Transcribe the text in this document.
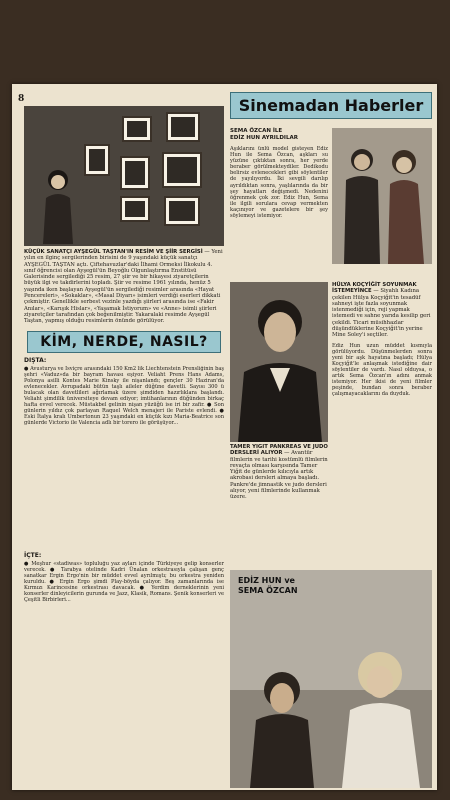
8
KÜÇÜK SANATÇI AYŞEGÜL TAŞTAN'IN RESİM VE ŞİİR SERGİSİ — Yeni yılın en ilginç sergilerinden birisini de 9 yaşındaki küçük sanatçı AYŞEGÜL TAŞTAN açtı. Çiftehavuzlar'daki İlhami Ormeksi İlkokulu 4. sınıf öğrencisi olan Ayşegül'ün Beyoğlu Olgunlaştırma Enstitüsü Galerisinde sergilediği 25 resim, 27 şiir ve bir hikayesi ziyaretçilerin büyük ilgi ve takdirlerini topladı. Şiir ve resime 1961 yılında, henüz 5 yaşında iken başlayan Ayşegül'ün sergilediği resimler arasında «Hayat Pencereleri», «Sokaklar», «Masal Diyarı» isimleri verdiği eserleri dikkati çekmiştir. Genellikle serbest vezinle yazdığı şiirleri arasında ise «Fakir Anılar», «Karışık Hislar», «Yaşamak İstiyorum» ve «Anne» isimli şiirleri ziyaretçiler tarafından çok beğenilmiştir. Yakaralaki resimde Ayşegül Taştan, yapmış olduğu resimlerin önünde görülüyor.
KİM, NERDE, NASIL?
DIŞTA:
● Avusturya ve İsviçre arasındaki 150 Km2 lik Liechtenstein Prensliğinin baş şehri «Vaduz»da bir bayram havası eşiyor. Veliaht Prens Hans Adams, Polonya asilli Kontes Marie Kinsky ile nişanlandı; gençler 30 Haziran'da evlenecekler. Avrupadaki bütün taşlı aileler düğüne davetli. Sayısı 300 ü bulacak olan davetlileri ağırlamak üzere şimdiden hazırlıklara başlandı. Veliaht şimdilik üniversiteye devam ediyor; imtihanlarının düğünden birkaç hafta evvel verecek. Müstakbel gelinin nişan yüzüğü ise iri bir zafir. ● Son günlerin yıldız çok parlayan Raquel Welch menajeri ile Pariste evlendi. ● Eski İtalya kralı Umbertonun 23 yaşındaki en küçük kızı Maria-Beatrice son günlerde Victorio ile Valencia adlı bir torero ile görüşüyor...
İÇTE:
● Meşhur «stadiwas» topluluğu yaz ayları içinde Türkiyeye gelip konserler verecek. ● Tarabya otelinde Kadri Ünalan orkestrasıyla çalışan genç sanatkar Ergin Ergo'nin bir müddet evvel ayrılmıştı; bu orkestra yeniden kuruldu. ● Ergin Ergo şimdi Play-böyda çalıyor. Beş zamanlarında ise Kırmızı Karincesine orkestrası davacak. ● Yerdim derneklerinin yeni konserler dinleyicilerin gurunda ve Jazz, Klasik, Romans. Şenik konserleri ve Çeşitli Birbirleri...
Sinemadan Haberler
SEMA ÖZCAN İLE
EDİZ HUN AYRILDILAR
Aşıklarını ünlü model gisteyen Ediz Hun ile Sema Özcan, aşkları su yüzüne çıktıktan sonra, her yerde beraber görülmekteydiler. Dedikodu belirsiz evlenecekleri gibi söylentiler de yayılıyordu. İki sevgili darılıp ayrıldıktan sonra, yaşlılarında da bir şey hayatları değişmedi. Nedenini öğrenmek çok zor. Ediz Hun, Sema ile ilgili sorulara cevap vermekten kaçınıyor ve gazetelere bir şey söylemeyi istemiyor.
HÜLYA KOÇYİĞİT SOYUNMAK İSTEMEYİNCE — Siyahlı Kadına çekilen Hülya Koçyiğit'in tesadüf sahneyi işte fazla soyunmak istenmediği için, reji yapmak istemedi ve sahne yarıda kesilip geri çekildi. Ticari müsihhazlar düşündüklerine Koçyiğit'in yerine Mine Soley'i seçtiler.
Ediz Hun uzun müddet kısmıyla görülüyordu. Düşünmelerden sonra yeni bir aşk hayatına başladı; Hülya Koçyiğit'le anlaşmak istediğine dair söylentiler de vardı. Nasıl olduysa, o artık Sema Özcan'ın adını anmak istemiyor. Her ikisi de yeni filmler peşinde, bundan sonra beraber çalışmayacaklarını da duyduk.
TAMER YİĞİT PANKREAS VE JUDO DERSLERİ ALIYOR — Avantür filmlerin ve tarihi kostümlü filmlerin revaçta olması karşısında Tamer Yiğit de günlerde kılıcıyla artık akrobasi dersleri almaya başladı. Pankre'de jimnastik ve judo dersleri alıyor, yeni filmlerinde kullanmak üzere.
EDİZ HUN ve
SEMA ÖZCAN
